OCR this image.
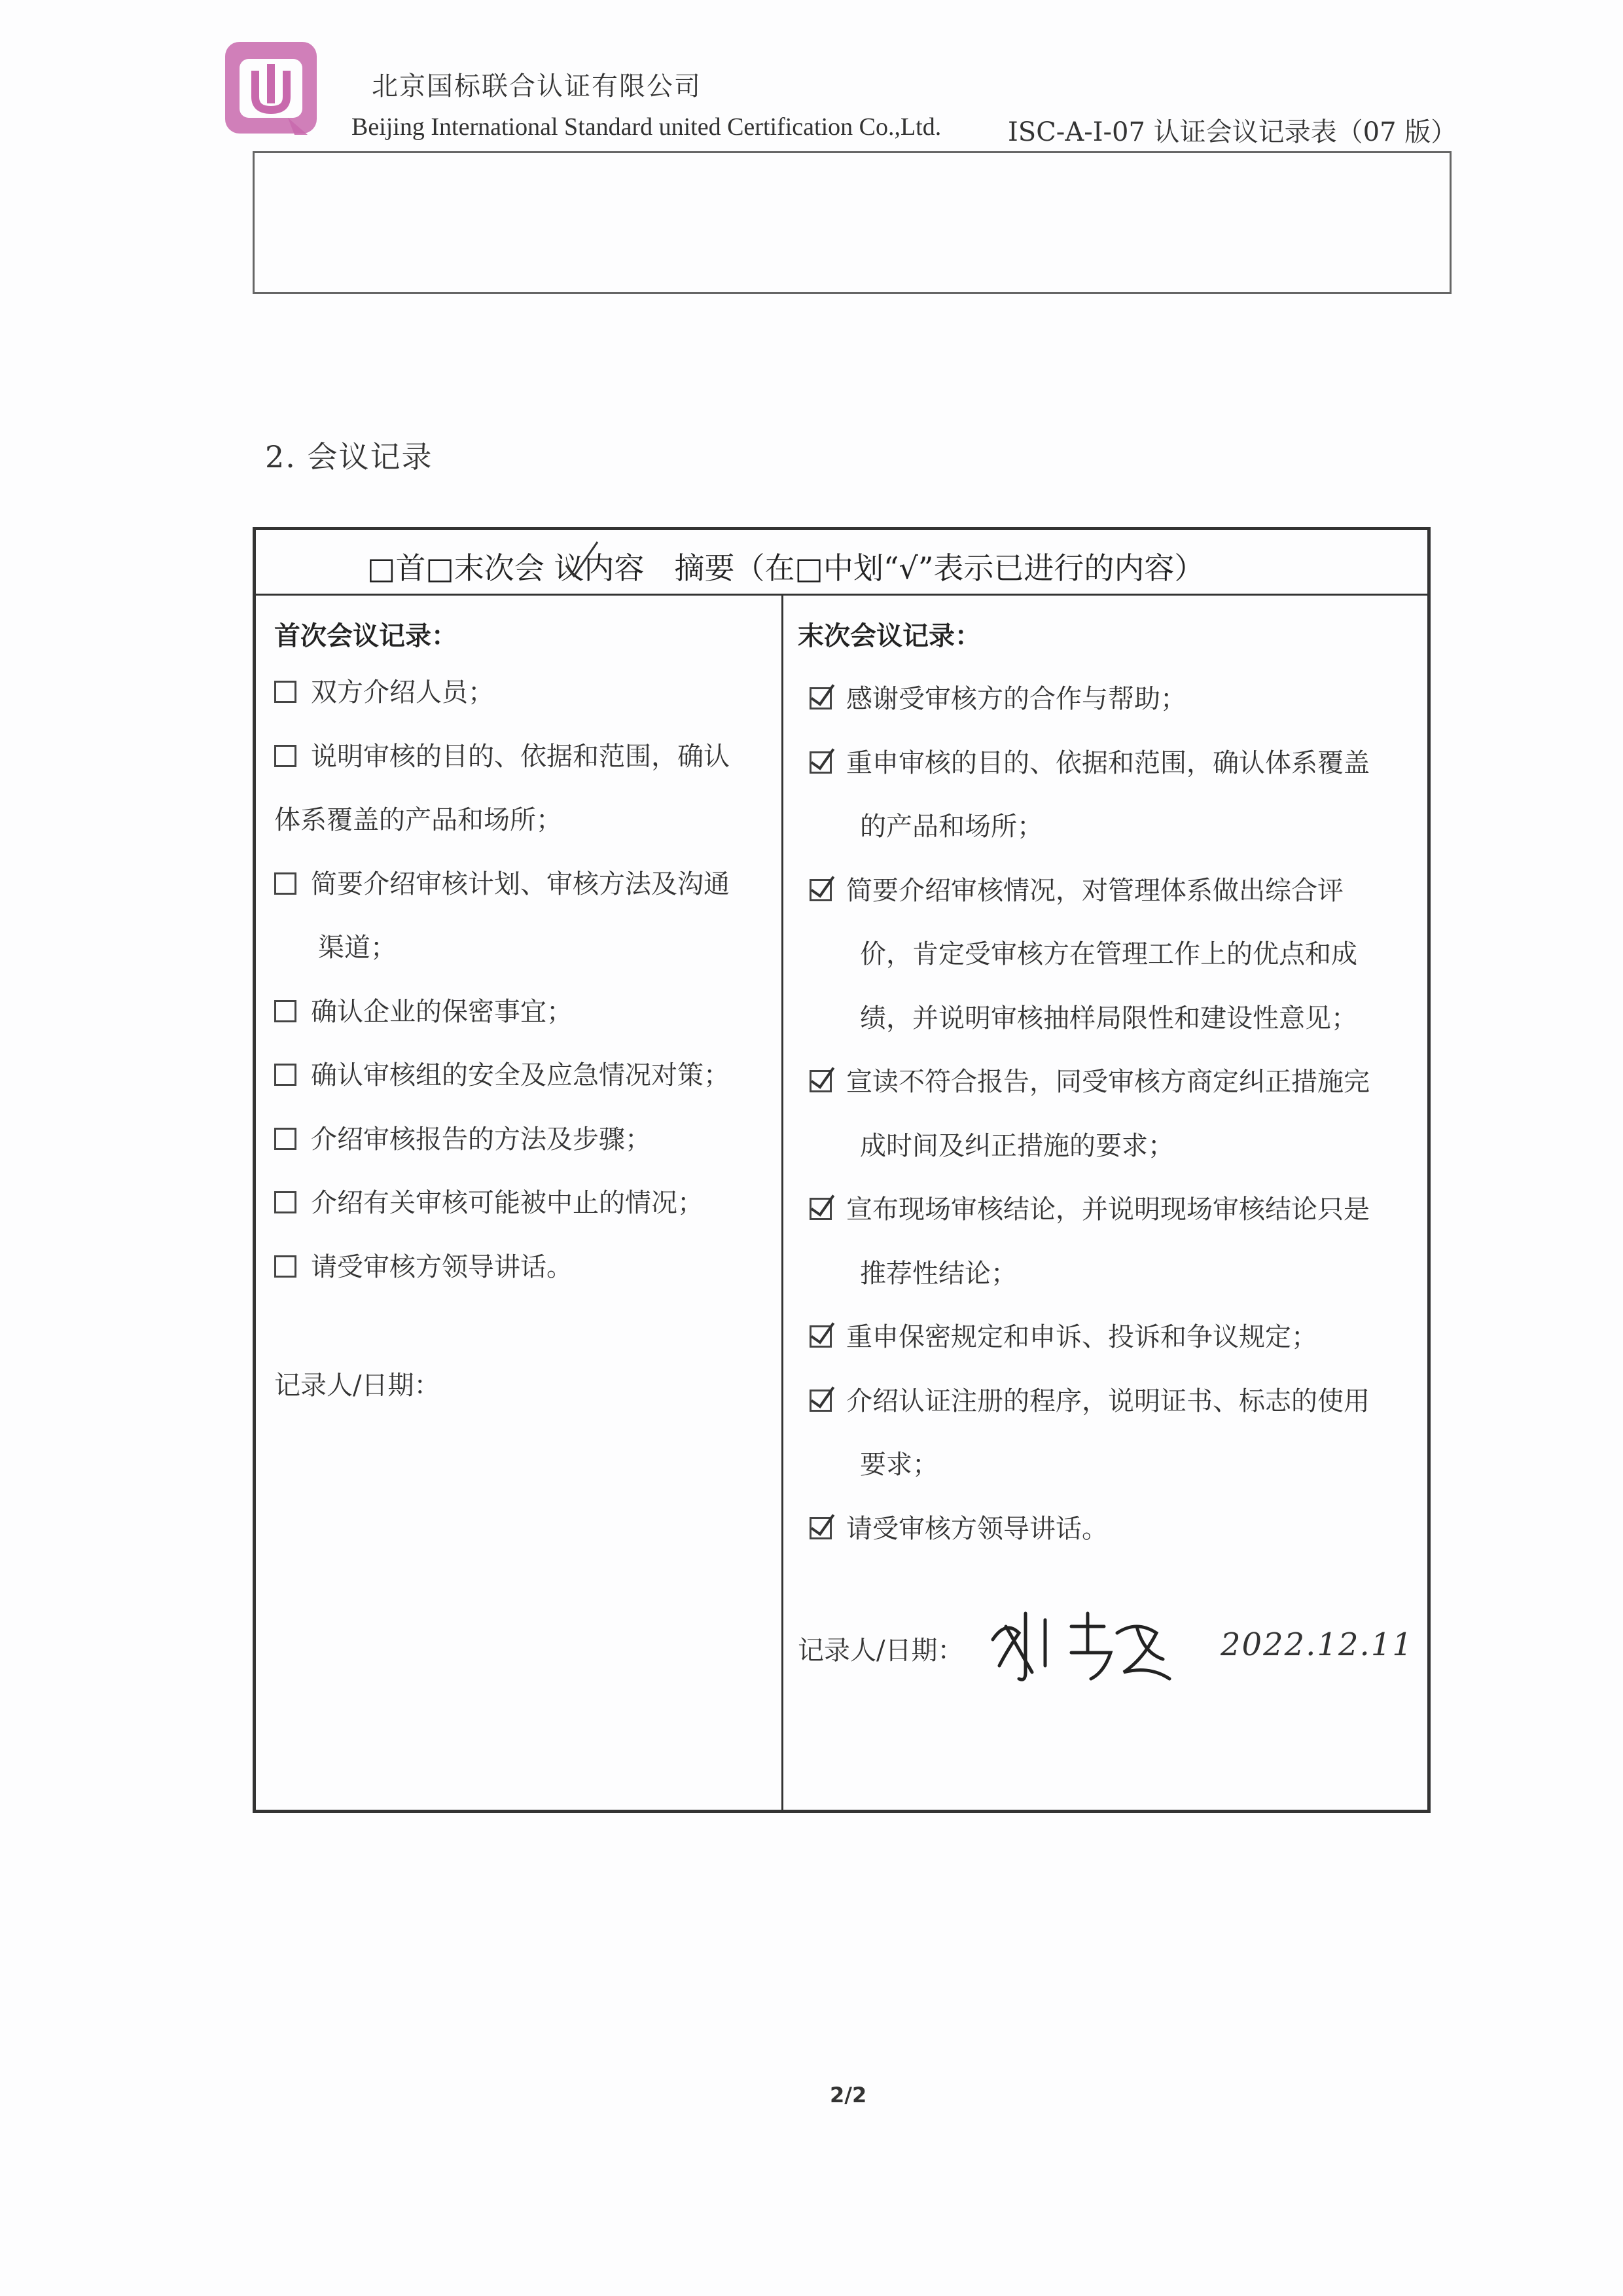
北京国标联合认证有限公司
Beijing International Standard united Certification Co.,Ltd.	ISC-A-I-07 认证会议记录表（07 版）
2. 会议记录
□首□末次会 议内容　摘要（在□中划“√”表示已进行的内容）
首次会议记录：
双方介绍人员；
说明审核的目的、依据和范围，确认
体系覆盖的产品和场所；
简要介绍审核计划、审核方法及沟通
渠道；
确认企业的保密事宜；
确认审核组的安全及应急情况对策；
介绍审核报告的方法及步骤；
介绍有关审核可能被中止的情况；
请受审核方领导讲话。
记录人/日期：
末次会议记录：
感谢受审核方的合作与帮助；
重申审核的目的、依据和范围，确认体系覆盖
的产品和场所；
简要介绍审核情况，对管理体系做出综合评
价，肯定受审核方在管理工作上的优点和成
绩，并说明审核抽样局限性和建设性意见；
宣读不符合报告，同受审核方商定纠正措施完
成时间及纠正措施的要求；
宣布现场审核结论，并说明现场审核结论只是
推荐性结论；
重申保密规定和申诉、投诉和争议规定；
介绍认证注册的程序，说明证书、标志的使用
要求；
请受审核方领导讲话。
记录人/日期：	2022.12.11
2/2
